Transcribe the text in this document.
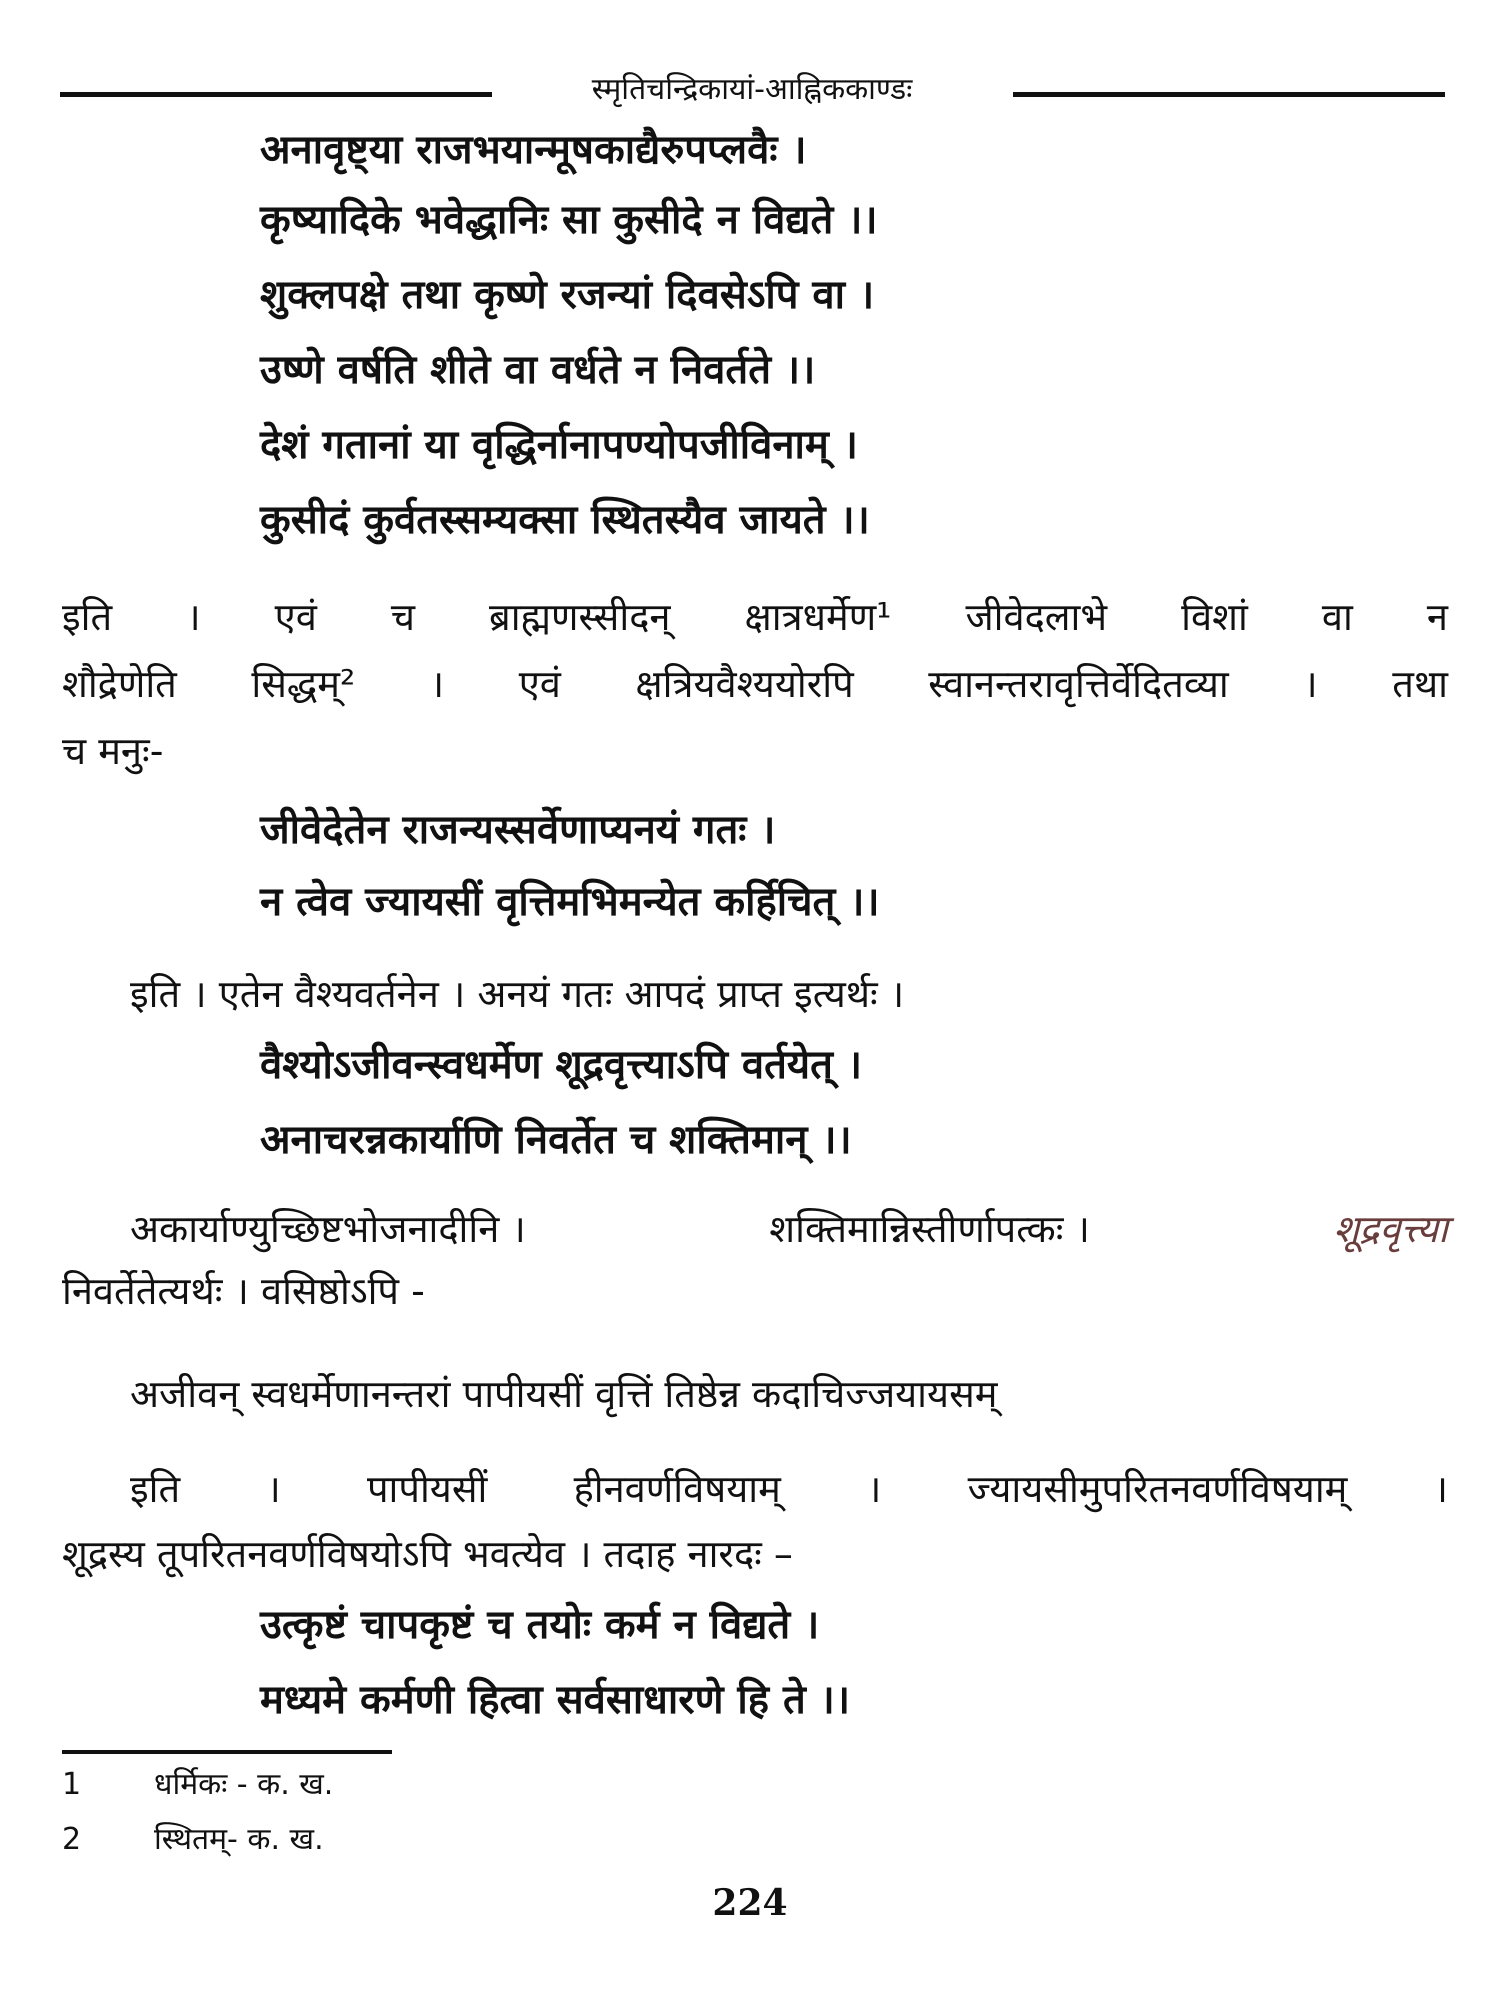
स्मृतिचन्द्रिकायां-आह्निककाण्डः
अनावृष्ट्या राजभयान्मूषकाद्यैरुपप्लवैः ।
कृष्यादिके भवेद्धानिः सा कुसीदे न विद्यते ।।
शुक्लपक्षे तथा कृष्णे रजन्यां दिवसेऽपि वा ।
उष्णे वर्षति शीते वा वर्धते न निवर्तते ।।
देशं गतानां या वृद्धिर्नानापण्योपजीविनाम् ।
कुसीदं कुर्वतस्सम्यक्सा स्थितस्यैव जायते ।।
इति । एवं च ब्राह्मणस्सीदन् क्षात्रधर्मेण¹ जीवेदलाभे विशां वा न
शौद्रेणेति सिद्धम्² । एवं क्षत्रियवैश्ययोरपि स्वानन्तरावृत्तिर्वेदितव्या । तथा
च मनुः-
जीवेदेतेन राजन्यस्सर्वेणाप्यनयं गतः ।
न त्वेव ज्यायसीं वृत्तिमभिमन्येत कर्हिचित् ।।
इति । एतेन वैश्यवर्तनेन । अनयं गतः आपदं प्राप्त इत्यर्थः ।
वैश्योऽजीवन्स्वधर्मेण शूद्रवृत्त्याऽपि वर्तयेत् ।
अनाचरन्नकार्याणि निवर्तेत च शक्तिमान् ।।
अकार्याण्युच्छिष्टभोजनादीनि ।	शक्तिमान्निस्तीर्णापत्कः ।	शूद्रवृत्त्या
निवर्तेतेत्यर्थः । वसिष्ठोऽपि -
अजीवन् स्वधर्मेणानन्तरां पापीयसीं वृत्तिं तिष्ठेन्न कदाचिज्जयायसम्
इति । पापीयसीं हीनवर्णविषयाम् । ज्यायसीमुपरितनवर्णविषयाम् ।
शूद्रस्य तूपरितनवर्णविषयोऽपि भवत्येव । तदाह नारदः –
उत्कृष्टं चापकृष्टं च तयोः कर्म न विद्यते ।
मध्यमे कर्मणी हित्वा सर्वसाधारणे हि ते ।।
1 धर्मिकः - क. ख.
2 स्थितम्- क. ख.
224
